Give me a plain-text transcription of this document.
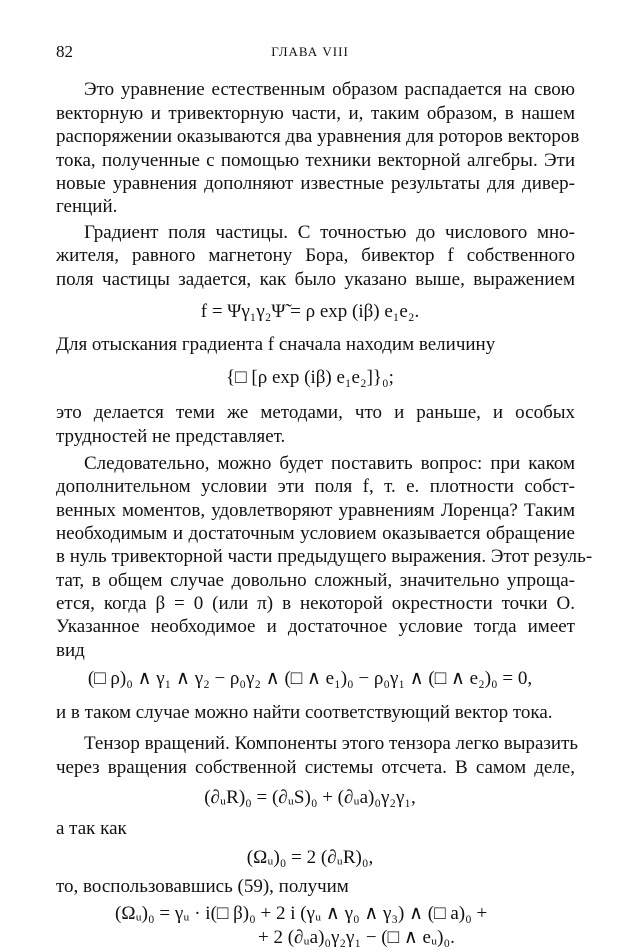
82	ГЛАВА VIII
Это уравнение естественным образом распадается на свою
векторную и тривекторную части, и, таким образом, в нашем
распоряжении оказываются два уравнения для роторов векторов
тока, полученные с помощью техники векторной алгебры. Эти
новые уравнения дополняют известные результаты для дивер-
генций.
Градиент поля частицы. С точностью до числового мно-
жителя, равного магнетону Бора, бивектор f собственного
поля частицы задается, как было указано выше, выражением
f = Ψγ₁γ₂Ψ̃ = ρ exp (iβ) e₁e₂.
Для отыскания градиента f сначала находим величину
{□ [ρ exp (iβ) e₁e₂]}₀;
это делается теми же методами, что и раньше, и особых
трудностей не представляет.
Следовательно, можно будет поставить вопрос: при каком
дополнительном условии эти поля f, т. е. плотности собст-
венных моментов, удовлетворяют уравнениям Лоренца? Таким
необходимым и достаточным условием оказывается обращение
в нуль тривекторной части предыдущего выражения. Этот резуль-
тат, в общем случае довольно сложный, значительно упроща-
ется, когда β = 0 (или π) в некоторой окрестности точки O.
Указанное необходимое и достаточное условие тогда имеет
вид
(□ ρ)₀ ∧ γ₁ ∧ γ₂ − ρ₀γ₂ ∧ (□ ∧ e₁)₀ − ρ₀γ₁ ∧ (□ ∧ e₂)₀ = 0,
и в таком случае можно найти соответствующий вектор тока.
Тензор вращений. Компоненты этого тензора легко выразить
через вращения собственной системы отсчета. В самом деле,
(∂ᵤR)₀ = (∂ᵤS)₀ + (∂ᵤa)₀γ₂γ₁,
а так как
(Ωᵤ)₀ = 2 (∂ᵤR)₀,
то, воспользовавшись (59), получим
(Ωᵤ)₀ = γᵤ · i(□ β)₀ + 2 i (γᵤ ∧ γ₀ ∧ γ₃) ∧ (□ a)₀ +
+ 2 (∂ᵤa)₀γ₂γ₁ − (□ ∧ eᵤ)₀.
